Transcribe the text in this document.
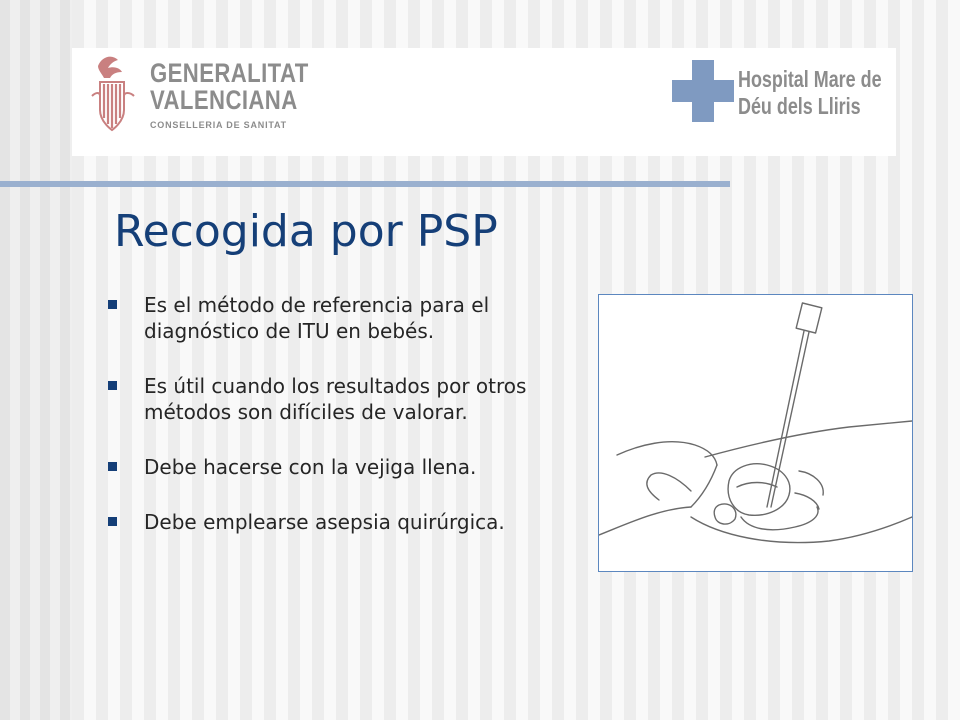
GENERALITAT
VALENCIANA
CONSELLERIA DE SANITAT
Hospital Mare de
Déu dels Lliris
Recogida por PSP
Es el método de referencia para el diagnóstico de ITU en bebés.
Es útil cuando los resultados por otros métodos son difíciles de valorar.
Debe hacerse con la vejiga llena.
Debe emplearse asepsia quirúrgica.
